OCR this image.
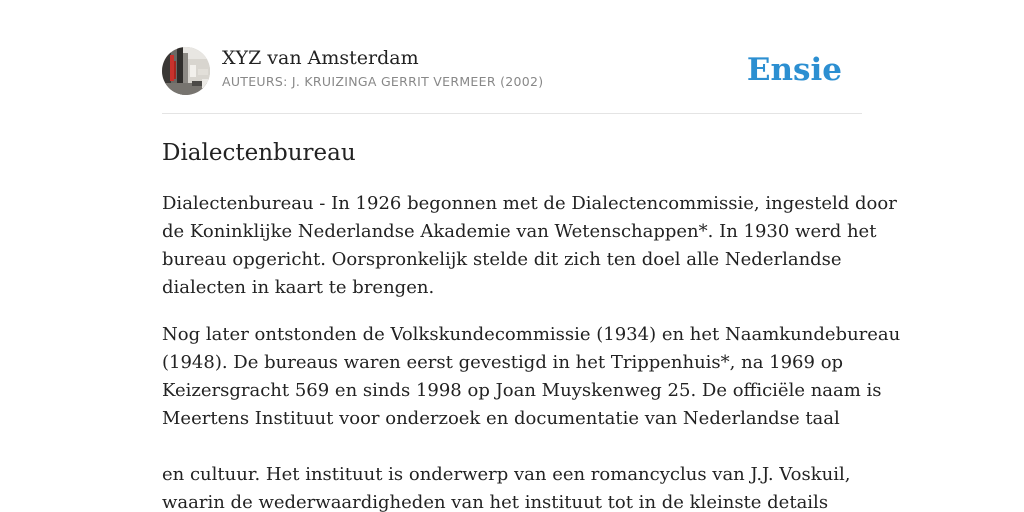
XYZ van Amsterdam
AUTEURS: J. KRUIZINGA GERRIT VERMEER (2002)	Ensie
Dialectenbureau
Dialectenbureau - In 1926 begonnen met de Dialectencommissie, ingesteld door
de Koninklijke Nederlandse Akademie van Wetenschappen*. In 1930 werd het
bureau opgericht. Oorspronkelijk stelde dit zich ten doel alle Nederlandse
dialecten in kaart te brengen.
Nog later ontstonden de Volkskundecommissie (1934) en het Naamkundebureau
(1948). De bureaus waren eerst gevestigd in het Trippenhuis*, na 1969 op
Keizersgracht 569 en sinds 1998 op Joan Muyskenweg 25. De officiële naam is
Meertens Instituut voor onderzoek en documentatie van Nederlandse taal
en cultuur. Het instituut is onderwerp van een romancyclus van J.J. Voskuil,
waarin de wederwaardigheden van het instituut tot in de kleinste details
